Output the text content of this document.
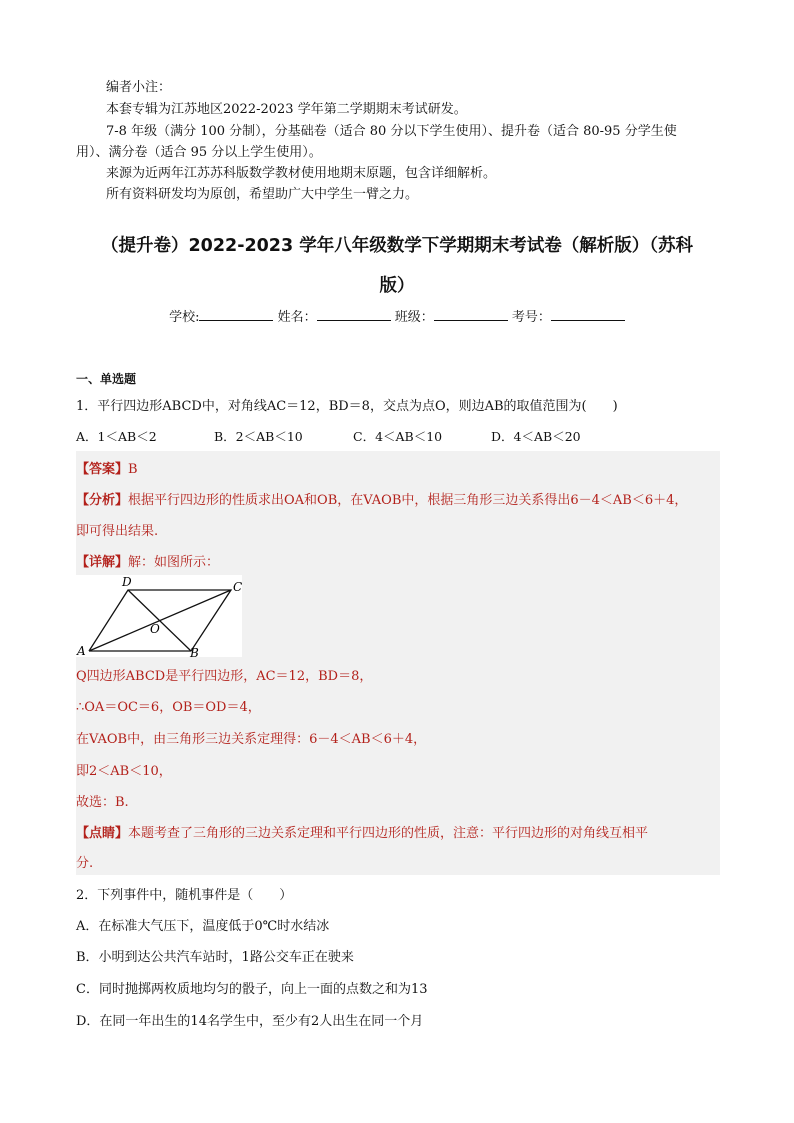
编者小注：
本套专辑为江苏地区2022-2023 学年第二学期期末考试研发。
7-8 年级（满分 100 分制），分基础卷（适合 80 分以下学生使用）、提升卷（适合 80-95 分学生使
用）、满分卷（适合 95 分以上学生使用）。
来源为近两年江苏苏科版数学教材使用地期末原题，包含详细解析。
所有资料研发均为原创，希望助广大中学生一臂之力。
（提升卷）2022-2023 学年八年级数学下学期期末考试卷（解析版）（苏科
版）
学校:	姓名：	班级：	考号：
一、单选题
1．平行四边形ABCD中，对角线AC＝12，BD＝8，交点为点O，则边AB的取值范围为(　　)
A．1＜AB＜2	B．2＜AB＜10	C．4＜AB＜10	D．4＜AB＜20
【答案】B
【分析】根据平行四边形的性质求出OA和OB，在VAOB中，根据三角形三边关系得出6－4＜AB＜6＋4，
即可得出结果.
【详解】解：如图所示：
D	C
A	B
O
Q四边形ABCD是平行四边形，AC＝12，BD＝8，
∴OA＝OC＝6，OB＝OD＝4，
在VAOB中，由三角形三边关系定理得：6－4＜AB＜6＋4，
即2＜AB＜10，
故选：B.
【点睛】本题考查了三角形的三边关系定理和平行四边形的性质，注意：平行四边形的对角线互相平
分.
2．下列事件中，随机事件是（　　）
A．在标准大气压下，温度低于0℃时水结冰
B．小明到达公共汽车站时，1路公交车正在驶来
C．同时抛掷两枚质地均匀的骰子，向上一面的点数之和为13
D．在同一年出生的14名学生中，至少有2人出生在同一个月
